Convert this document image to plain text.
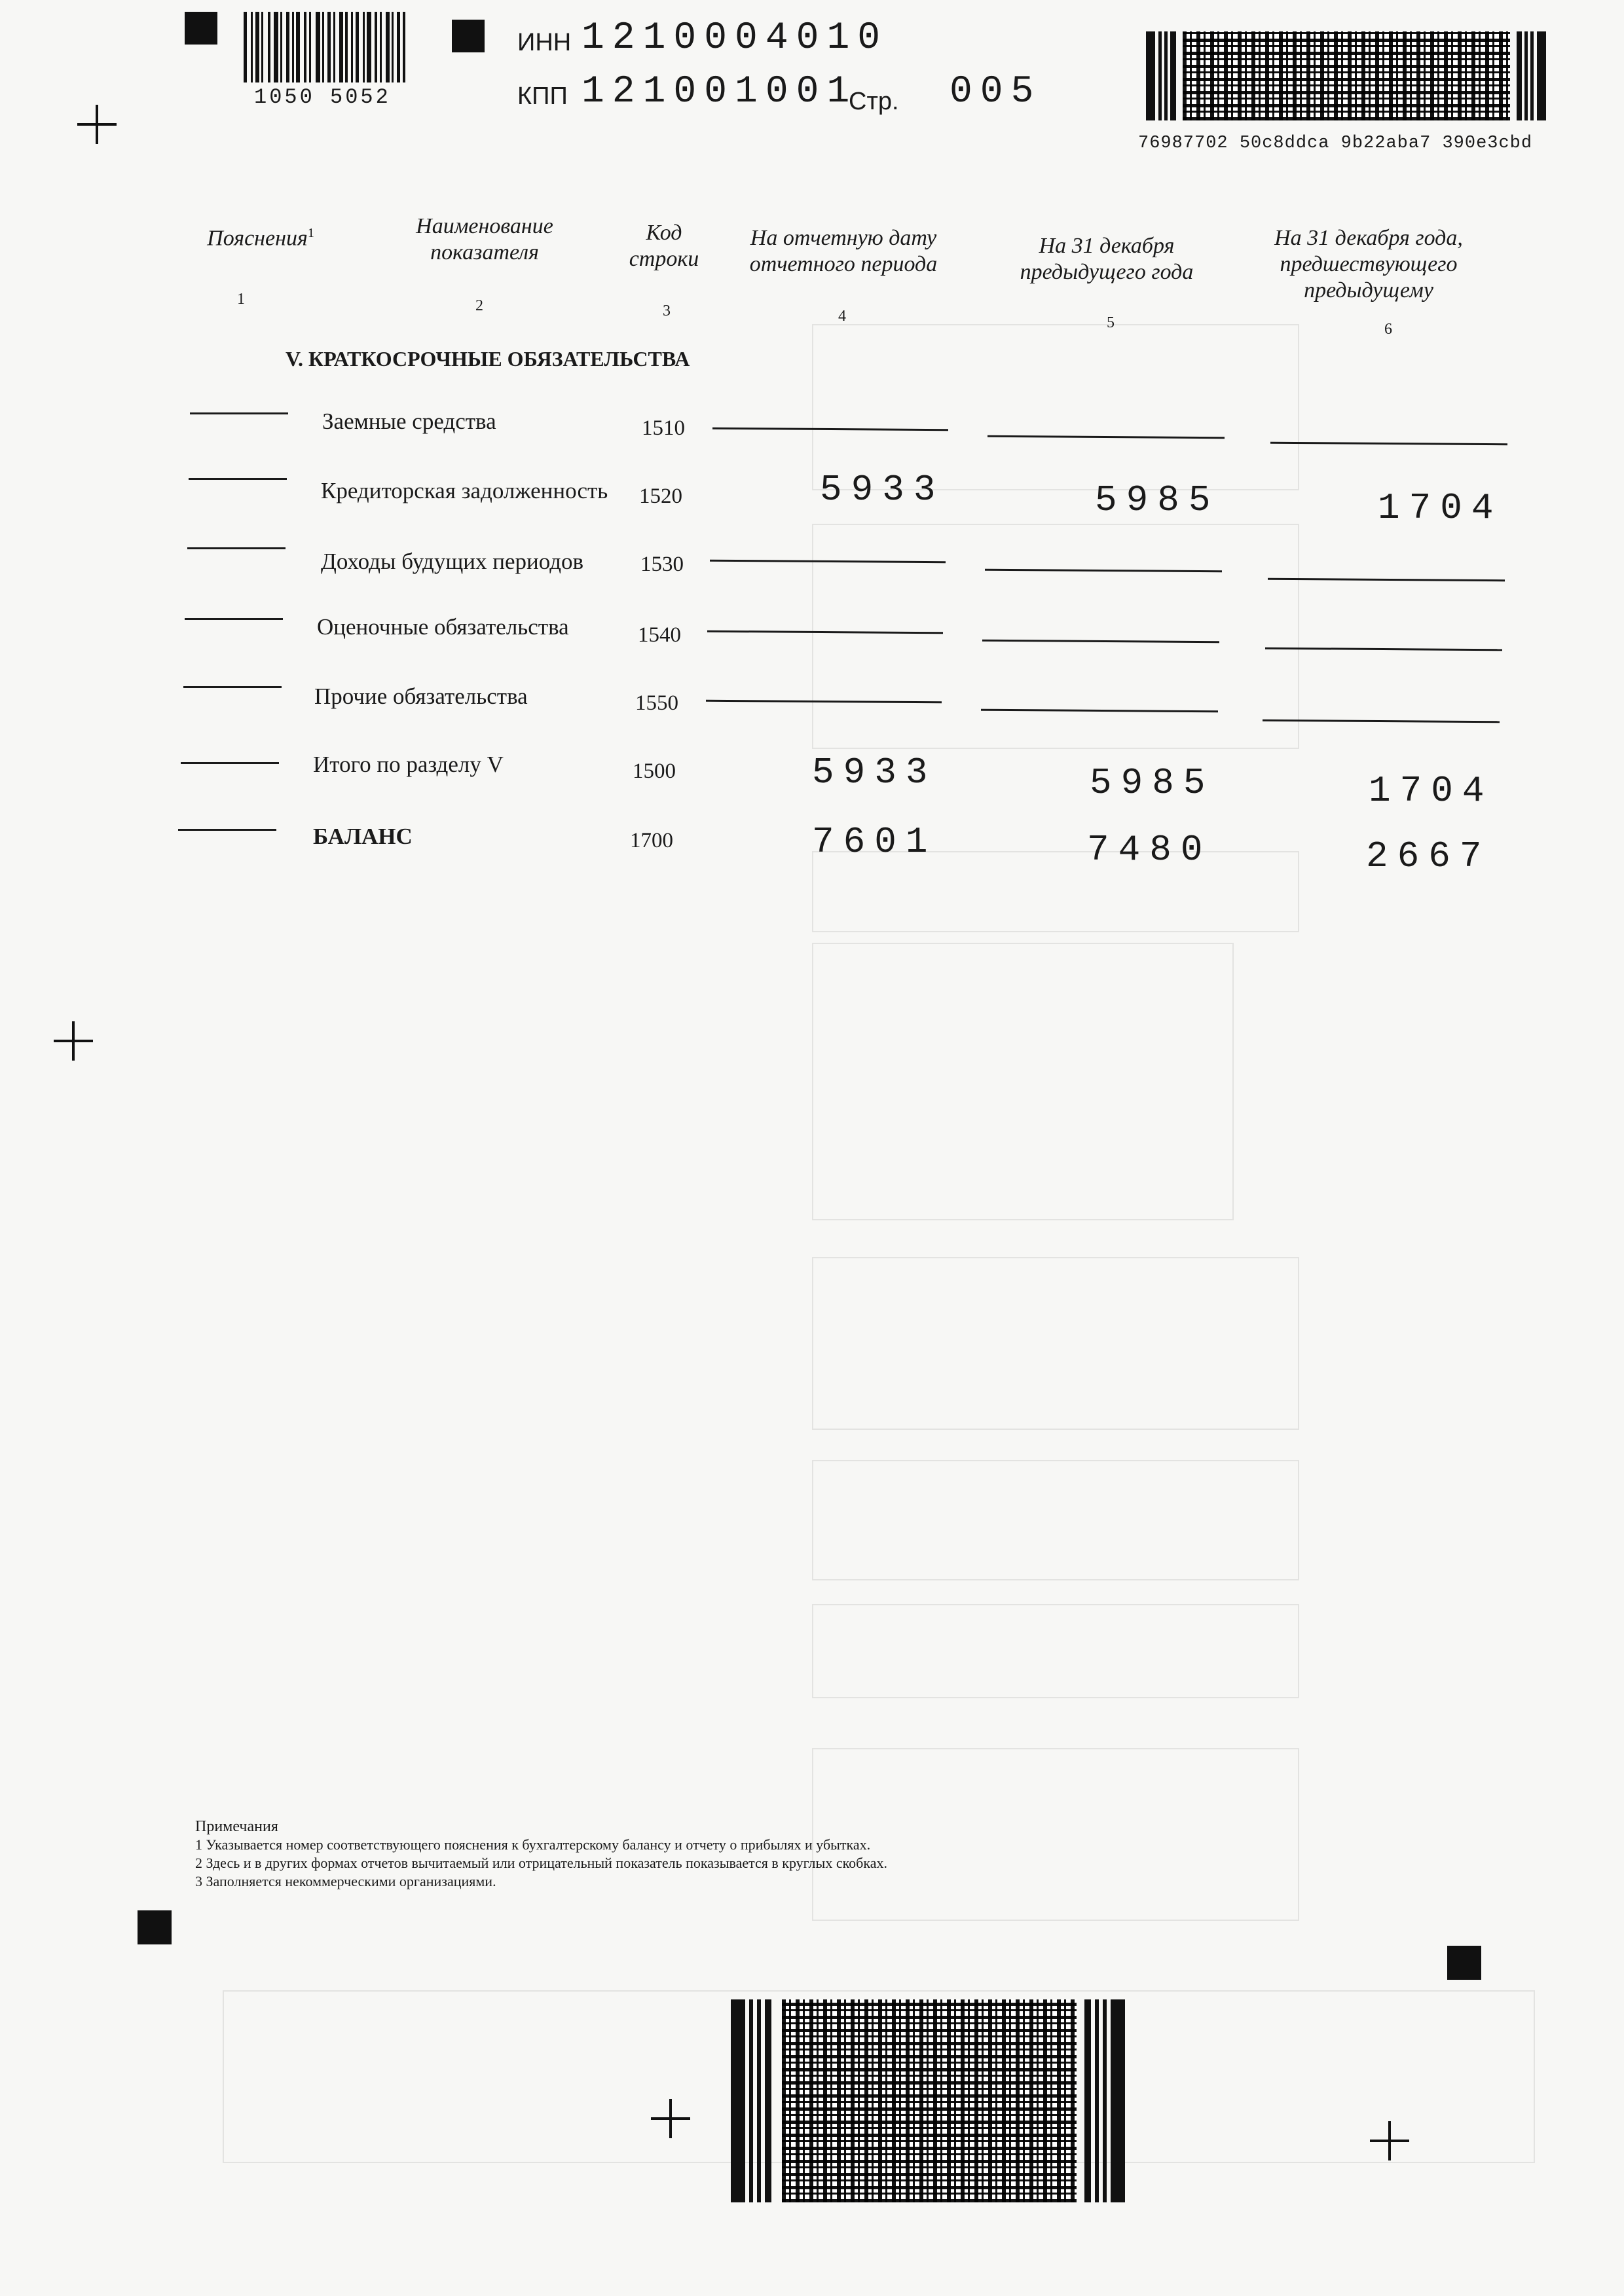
1050 5052
ИНН 1210004010
КПП 121001001
Стр. 005
76987702 50c8ddca 9b22aba7 390e3cbd
Пояснения$^1$	Наименование показателя
Код строки
На отчетную дату отчетного периода
На 31 декабря предыдущего года
На 31 декабря года, предшествующего предыдущему
1	2	3	4	5	6
V. КРАТКОСРОЧНЫЕ ОБЯЗАТЕЛЬСТВА
Заемные средства	1510
Кредиторская задолженность 1520	5933	5985	1704
Доходы будущих периодов	1530
Оценочные обязательства	1540
Прочие обязательства	1550
Итого по разделу V	1500	5933	5985	1704
БАЛАНС	1700	7601	7480	2667
Примечания
1 Указывается номер соответствующего пояснения к бухгалтерскому балансу и отчету о прибылях и убытках.
2 Здесь и в других формах отчетов вычитаемый или отрицательный показатель показывается в круглых скобках.
3 Заполняется некоммерческими организациями.
